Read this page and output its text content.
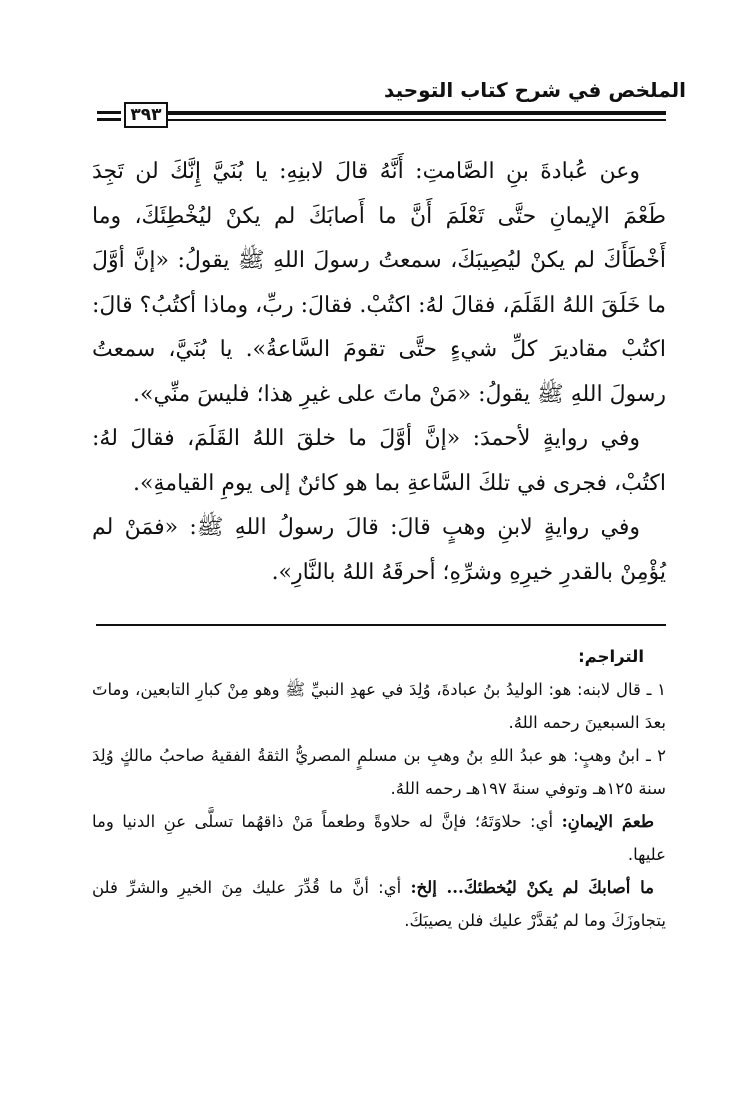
الملخص في شرح كتاب التوحيد
٣٩٣

وعن عُبادةَ بنِ الصَّامتِ: أَنَّهُ قالَ لابنِهِ: يا بُنَيَّ إِنَّكَ لن تَجِدَ طَعْمَ الإيمانِ حتَّى تَعْلَمَ أَنَّ ما أَصابَكَ لم يكنْ ليُخْطِئَكَ، وما أَخْطَأَكَ لم يكنْ ليُصِيبَكَ، سمعتُ رسولَ اللهِ ﷺ يقولُ: «إنَّ أوَّلَ ما خَلَقَ اللهُ القَلَمَ، فقالَ لهُ: اكتُبْ. فقالَ: ربِّ، وماذا أكتُبُ؟ قالَ: اكتُبْ مقاديرَ كلِّ شيءٍ حتَّى تقومَ السَّاعةُ». يا بُنَيَّ، سمعتُ رسولَ اللهِ ﷺ يقولُ: «مَنْ ماتَ على غيرِ هذا؛ فليسَ منِّي».

وفي روايةٍ لأحمدَ: «إنَّ أوَّلَ ما خلقَ اللهُ القَلَمَ، فقالَ لهُ: اكتُبْ، فجرى في تلكَ السَّاعةِ بما هو كائنٌ إلى يومِ القيامةِ».

وفي روايةٍ لابنِ وهبٍ قالَ: قالَ رسولُ اللهِ ﷺ: «فمَنْ لم يُؤْمِنْ بالقدرِ خيرِهِ وشرِّهِ؛ أحرقَهُ اللهُ بالنَّارِ».

التراجم:

١ ـ قال لابنه: هو: الوليدُ بنُ عبادةَ، وُلِدَ في عهدِ النبيِّ ﷺ وهو مِنْ كبارِ التابعين، وماتَ بعدَ السبعينَ رحمه اللهُ.

٢ ـ ابنُ وهبٍ: هو عبدُ اللهِ بنُ وهبِ بن مسلمٍ المصريُّ الثقةُ الفقيهُ صاحبُ مالكٍ وُلِدَ سنة ١٢٥هـ وتوفي سنةَ ١٩٧هـ رحمه اللهُ.

طعمَ الإيمانِ: أي: حلاوَتَهُ؛ فإنَّ له حلاوةً وطعماً مَنْ ذاقهُما تسلَّى عنِ الدنيا وما عليها.

ما أصابكَ لم يكنْ ليُخطئكَ... إلخ: أي: أنَّ ما قُدِّرَ عليك مِنَ الخيرِ والشرِّ فلن يتجاوزَكَ وما لم يُقدَّرْ عليك فلن يصيبَكَ.
